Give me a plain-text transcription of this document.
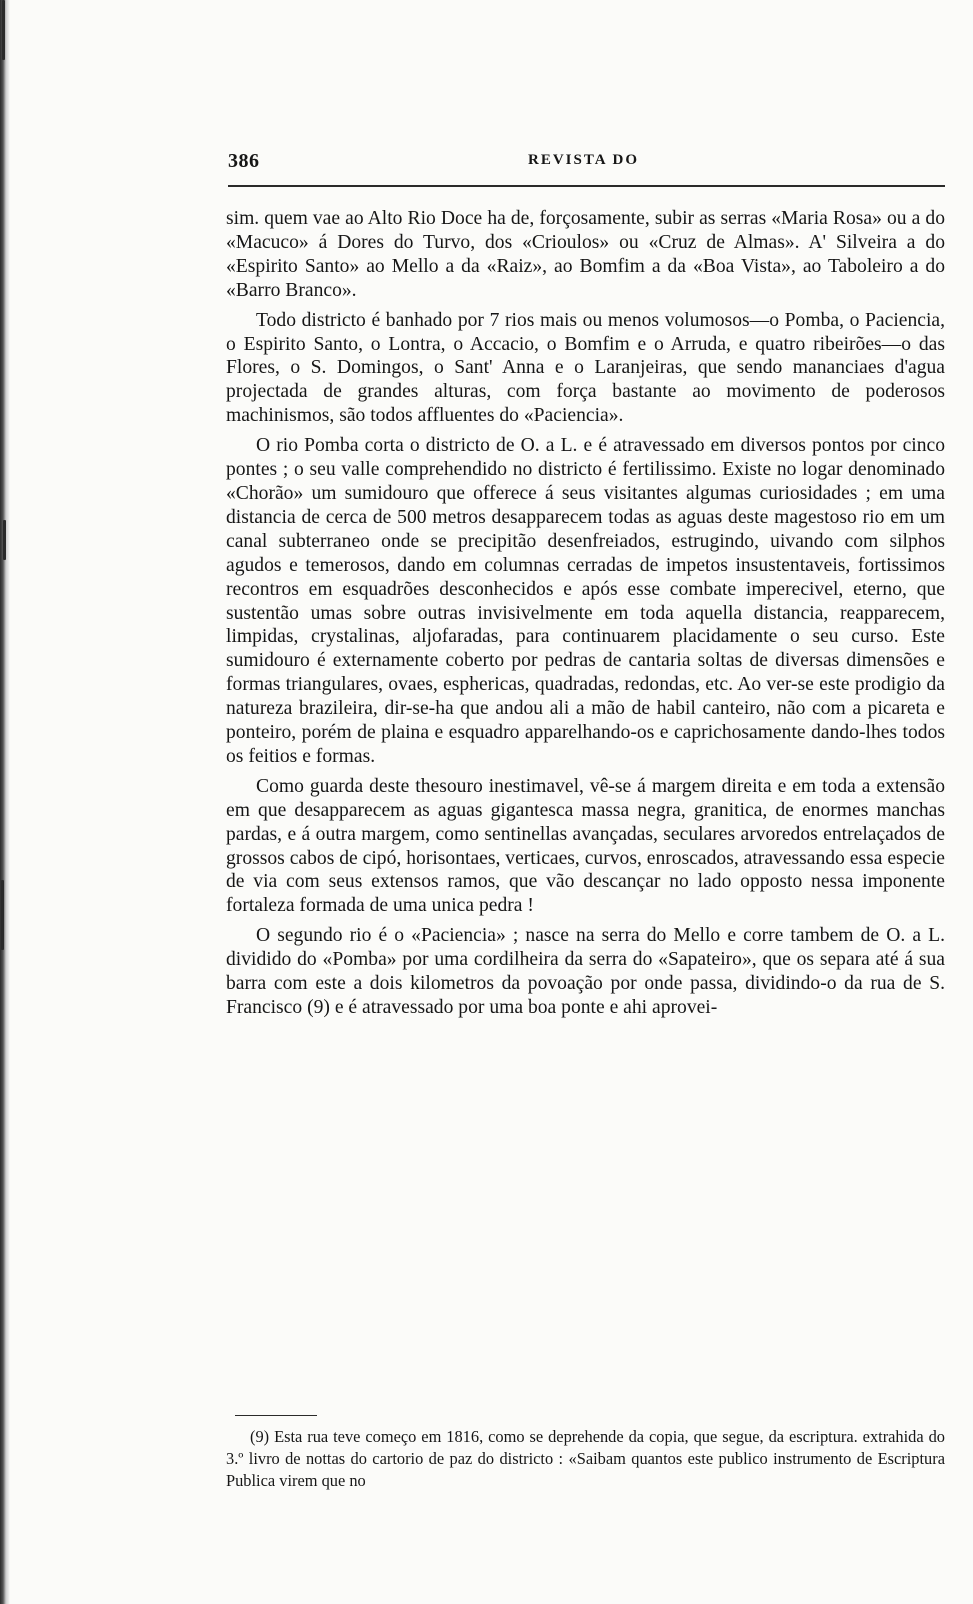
386	REVISTA DO

sim. quem vae ao Alto Rio Doce ha de, forçosamente, subir as serras «Maria Rosa» ou a do «Macuco» á Dores do Turvo, dos «Crioulos» ou «Cruz de Almas». A' Silveira a do «Espirito Santo» ao Mello a da «Raiz», ao Bomfim a da «Boa Vista», ao Taboleiro a do «Barro Branco».

Todo districto é banhado por 7 rios mais ou menos volumosos—o Pomba, o Paciencia, o Espirito Santo, o Lontra, o Accacio, o Bomfim e o Arruda, e quatro ribeirões—o das Flores, o S. Domingos, o Sant' Anna e o Laranjeiras, que sendo mananciaes d'agua projectada de grandes alturas, com força bastante ao movimento de poderosos machinismos, são todos affluentes do «Paciencia».

O rio Pomba corta o districto de O. a L. e é atravessado em diversos pontos por cinco pontes ; o seu valle comprehendido no districto é fertilissimo. Existe no logar denominado «Chorão» um sumidouro que offerece á seus visitantes algumas curiosidades ; em uma distancia de cerca de 500 metros desapparecem todas as aguas deste magestoso rio em um canal subterraneo onde se precipitão desenfreiados, estrugindo, uivando com silphos agudos e temerosos, dando em columnas cerradas de impetos insustentaveis, fortissimos recontros em esquadrões desconhecidos e após esse combate imperecivel, eterno, que sustentão umas sobre outras invisivelmente em toda aquella distancia, reapparecem, limpidas, crystalinas, aljofaradas, para continuarem placidamente o seu curso. Este sumidouro é externamente coberto por pedras de cantaria soltas de diversas dimensões e formas triangulares, ovaes, esphericas, quadradas, redondas, etc. Ao ver-se este prodigio da natureza brazileira, dir-se-ha que andou ali a mão de habil canteiro, não com a picareta e ponteiro, porém de plaina e esquadro apparelhando-os e caprichosamente dando-lhes todos os feitios e formas.

Como guarda deste thesouro inestimavel, vê-se á margem direita e em toda a extensão em que desapparecem as aguas gigantesca massa negra, granitica, de enormes manchas pardas, e á outra margem, como sentinellas avançadas, seculares arvoredos entrelaçados de grossos cabos de cipó, horisontaes, verticaes, curvos, enroscados, atravessando essa especie de via com seus extensos ramos, que vão descançar no lado opposto nessa imponente fortaleza formada de uma unica pedra !

O segundo rio é o «Paciencia» ; nasce na serra do Mello e corre tambem de O. a L. dividido do «Pomba» por uma cordilheira da serra do «Sapateiro», que os separa até á sua barra com este a dois kilometros da povoação por onde passa, dividindo-o da rua de S. Francisco (9) e é atravessado por uma boa ponte e ahi aprovei-

(9) Esta rua teve começo em 1816, como se deprehende da copia, que segue, da escriptura. extrahida do 3.º livro de nottas do cartorio de paz do districto : «Saibam quantos este publico instrumento de Escriptura Publica virem que no
